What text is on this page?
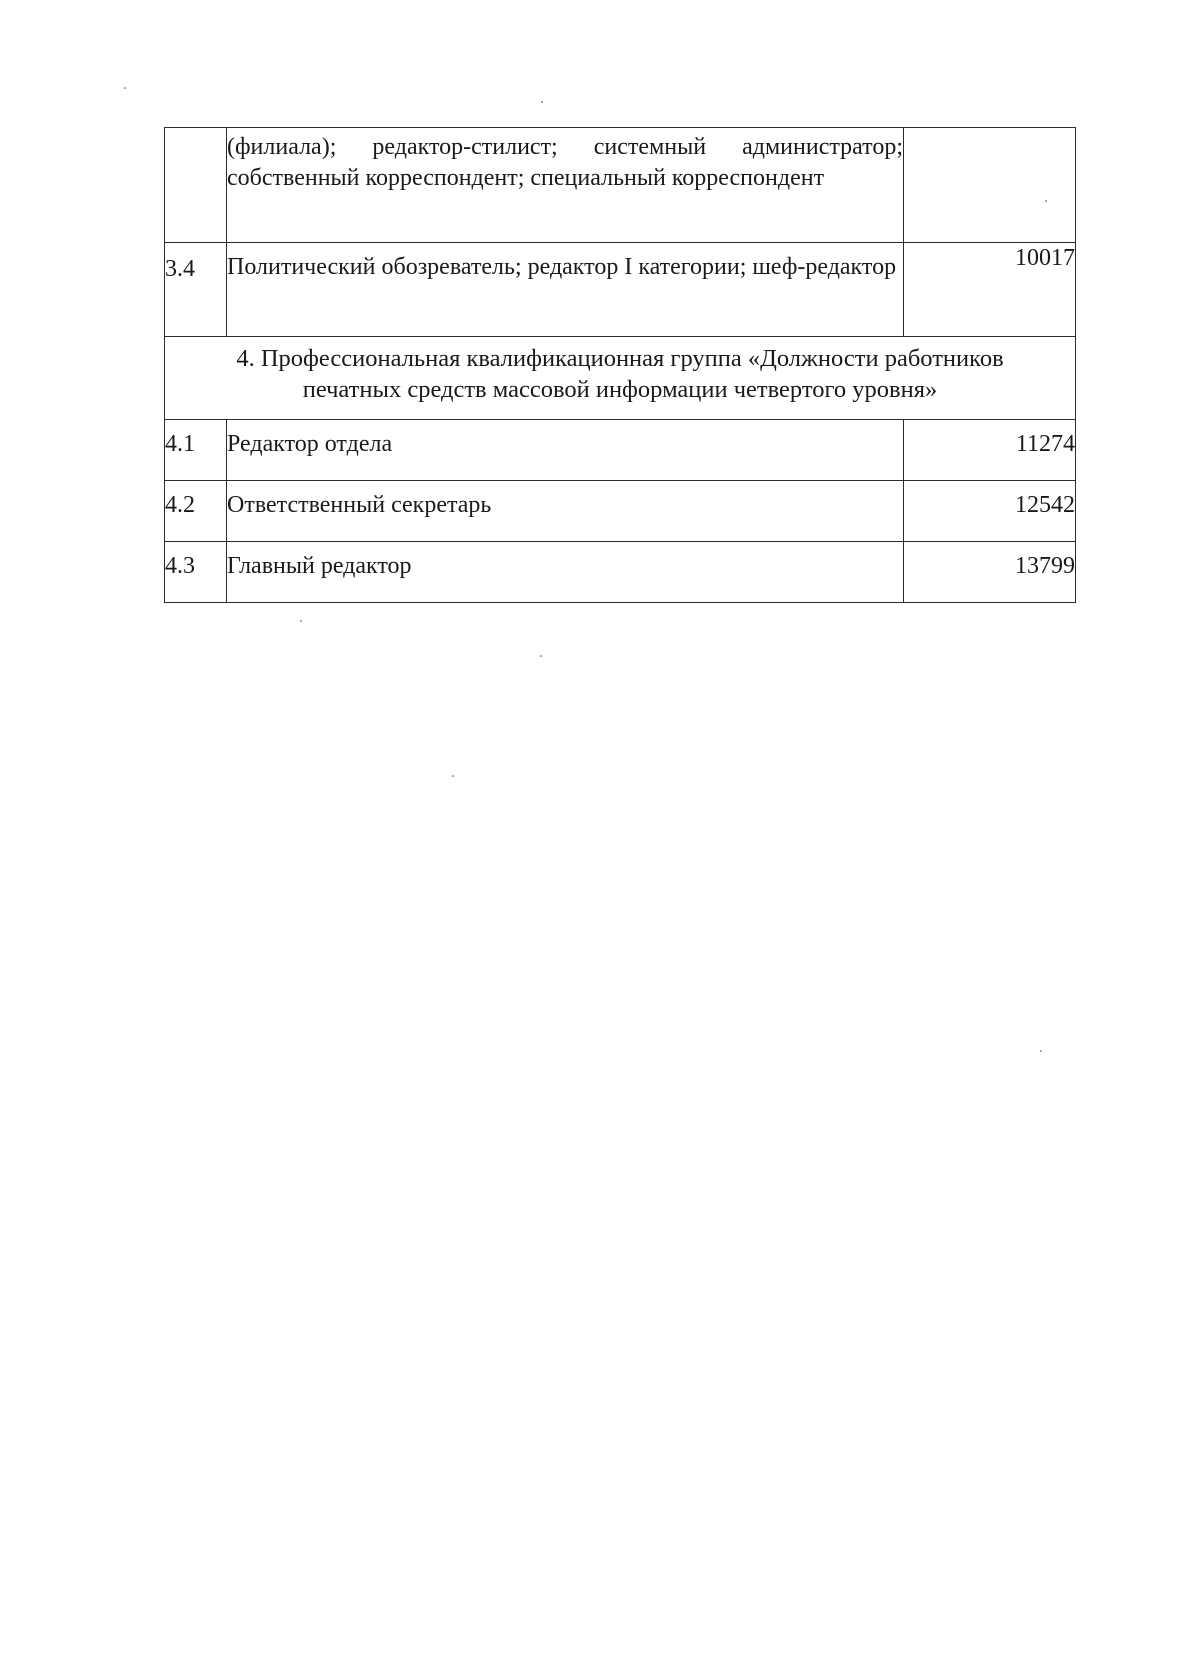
	(филиала); редактор-стилист; системный администратор; собственный корреспондент; специальный корреспондент	
3.4	Политический обозреватель; редактор I категории; шеф-редактор	10017
4. Профессиональная квалификационная группа «Должности работников печатных средств массовой информации четвертого уровня»		
4.1	Редактор отдела	11274
4.2	Ответственный секретарь	12542
4.3	Главный редактор	13799
